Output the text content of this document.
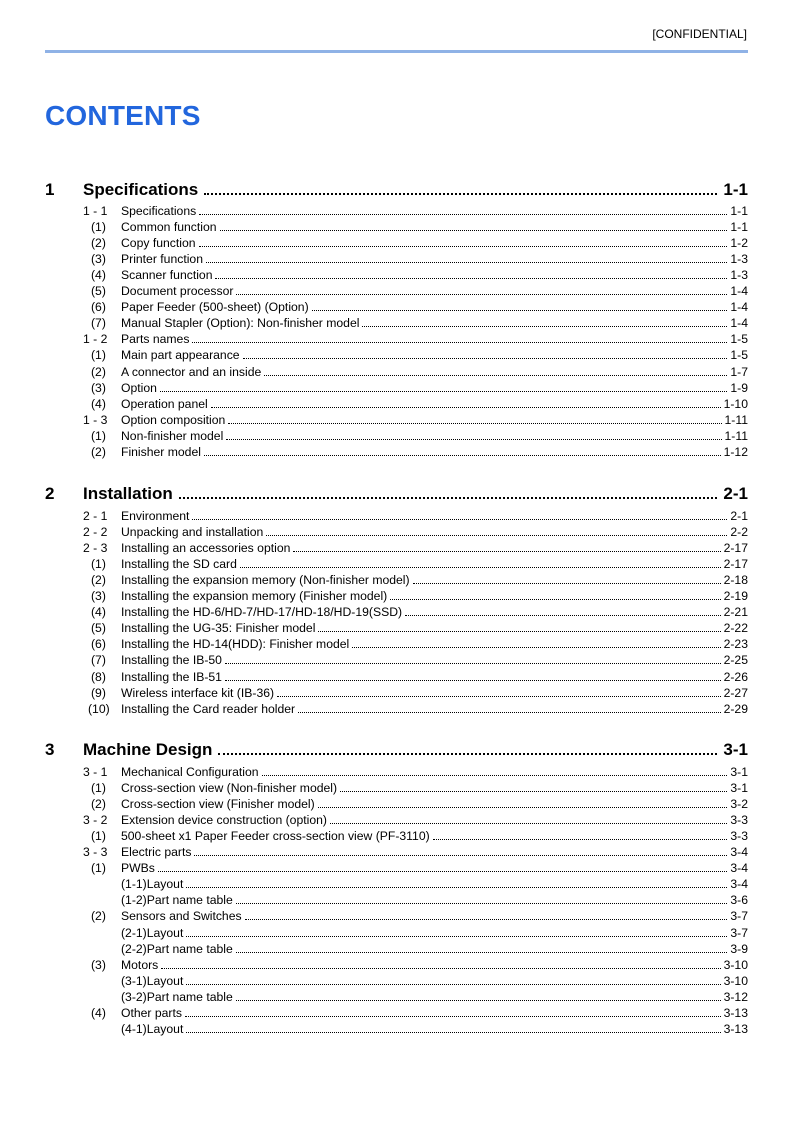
[CONFIDENTIAL]
CONTENTS
1	Specifications	1-1
1 - 1 Specifications	1-1
(1) Common function	1-1
(2) Copy function	1-2
(3) Printer function	1-3
(4) Scanner function	1-3
(5) Document processor	1-4
(6) Paper Feeder (500-sheet) (Option)	1-4
(7) Manual Stapler (Option): Non-finisher model	1-4
1 - 2 Parts names	1-5
(1) Main part appearance	1-5
(2) A connector and an inside	1-7
(3) Option	1-9
(4) Operation panel	1-10
1 - 3 Option composition	1-11
(1) Non-finisher model	1-11
(2) Finisher model	1-12
2	Installation	2-1
2 - 1 Environment	2-1
2 - 2 Unpacking and installation	2-2
2 - 3 Installing an accessories option	2-17
(1) Installing the SD card	2-17
(2) Installing the expansion memory (Non-finisher model)	2-18
(3) Installing the expansion memory (Finisher model)	2-19
(4) Installing the HD-6/HD-7/HD-17/HD-18/HD-19(SSD)	2-21
(5) Installing the UG-35: Finisher model	2-22
(6) Installing the HD-14(HDD): Finisher model	2-23
(7) Installing the IB-50	2-25
(8) Installing the IB-51	2-26
(9) Wireless interface kit (IB-36)	2-27
(10) Installing the Card reader holder	2-29
3	Machine Design	3-1
3 - 1 Mechanical Configuration	3-1
(1) Cross-section view (Non-finisher model)	3-1
(2) Cross-section view (Finisher model)	3-2
3 - 2 Extension device construction (option)	3-3
(1) 500-sheet x1 Paper Feeder cross-section view (PF-3110)	3-3
3 - 3 Electric parts	3-4
(1) PWBs	3-4
(1-1)Layout	3-4
(1-2)Part name table	3-6
(2) Sensors and Switches	3-7
(2-1)Layout	3-7
(2-2)Part name table	3-9
(3) Motors	3-10
(3-1)Layout	3-10
(3-2)Part name table	3-12
(4) Other parts	3-13
(4-1)Layout	3-13
